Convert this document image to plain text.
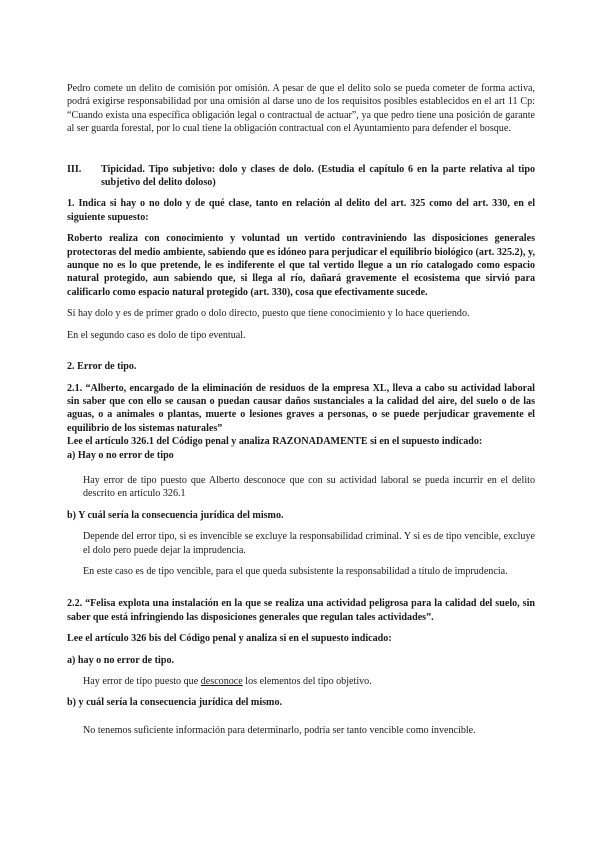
Pedro comete un delito de comisión por omisión. A pesar de que el delito solo se pueda cometer de forma activa, podrá exigirse responsabilidad por una omisión al darse uno de los requisitos posibles establecidos en el art 11 Cp: “Cuando exista una específica obligación legal o contractual de actuar”, ya que pedro tiene una posición de garante al ser guarda forestal, por lo cual tiene la obligación contractual con el Ayuntamiento para defender el bosque.

III.	Tipicidad. Tipo subjetivo: dolo y clases de dolo. (Estudia el capítulo 6 en la parte relativa al tipo subjetivo del delito doloso)

1. Indica si hay o no dolo y de qué clase, tanto en relación al delito del art. 325 como del art. 330, en el siguiente supuesto:

Roberto realiza con conocimiento y voluntad un vertido contraviniendo las disposiciones generales protectoras del medio ambiente, sabiendo que es idóneo para perjudicar el equilibrio biológico (art. 325.2), y, aunque no es lo que pretende, le es indiferente el que tal vertido llegue a un río catalogado como espacio natural protegido, aun sabiendo que, si llega al río, dañará gravemente el ecosistema que sirvió para calificarlo como espacio natural protegido (art. 330), cosa que efectivamente sucede.

Sí hay dolo y es de primer grado o dolo directo, puesto que tiene conocimiento y lo hace queriendo.

En el segundo caso es dolo de tipo eventual.

2. Error de tipo.

2.1. “Alberto, encargado de la eliminación de residuos de la empresa XL, lleva a cabo su actividad laboral sin saber que con ello se causan o puedan causar daños sustanciales a la calidad del aire, del suelo o de las aguas, o a animales o plantas, muerte o lesiones graves a personas, o se puede perjudicar gravemente el equilibrio de los sistemas naturales”

Lee el artículo 326.1 del Código penal y analiza RAZONADAMENTE si en el supuesto indicado:

a) Hay o no error de tipo

Hay error de tipo puesto que Alberto desconoce que con su actividad laboral se pueda incurrir en el delito descrito en artículo 326.1

b) Y cuál sería la consecuencia jurídica del mismo.

Depende del error tipo, si es invencible se excluye la responsabilidad criminal. Y si es de tipo vencible, excluye el dolo pero puede dejar la imprudencia.

En este caso es de tipo vencible, para el que queda subsistente la responsabilidad a título de imprudencia.

2.2. “Felisa explota una instalación en la que se realiza una actividad peligrosa para la calidad del suelo, sin saber que está infringiendo las disposiciones generales que regulan tales actividades”.

Lee el artículo 326 bis del Código penal y analiza si en el supuesto indicado:

a) hay o no error de tipo.

Hay error de tipo puesto que desconoce los elementos del tipo objetivo.

b) y cuál sería la consecuencia jurídica del mismo.

No tenemos suficiente información para determinarlo, podría ser tanto vencible como invencible.
